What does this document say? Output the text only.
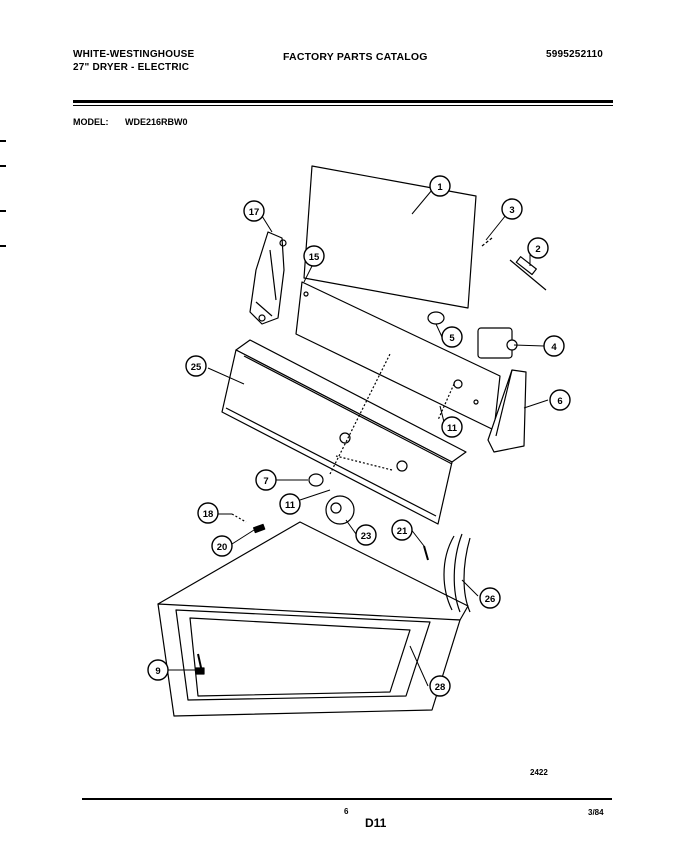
WHITE-WESTINGHOUSE
27" DRYER - ELECTRIC
FACTORY PARTS CATALOG	5995252110
MODEL: WDE216RBW0
1
2
3
4
5
6
7
9
11
11
15
17
18
20
21
23
25
26
28
2422
6
D11
3/84
